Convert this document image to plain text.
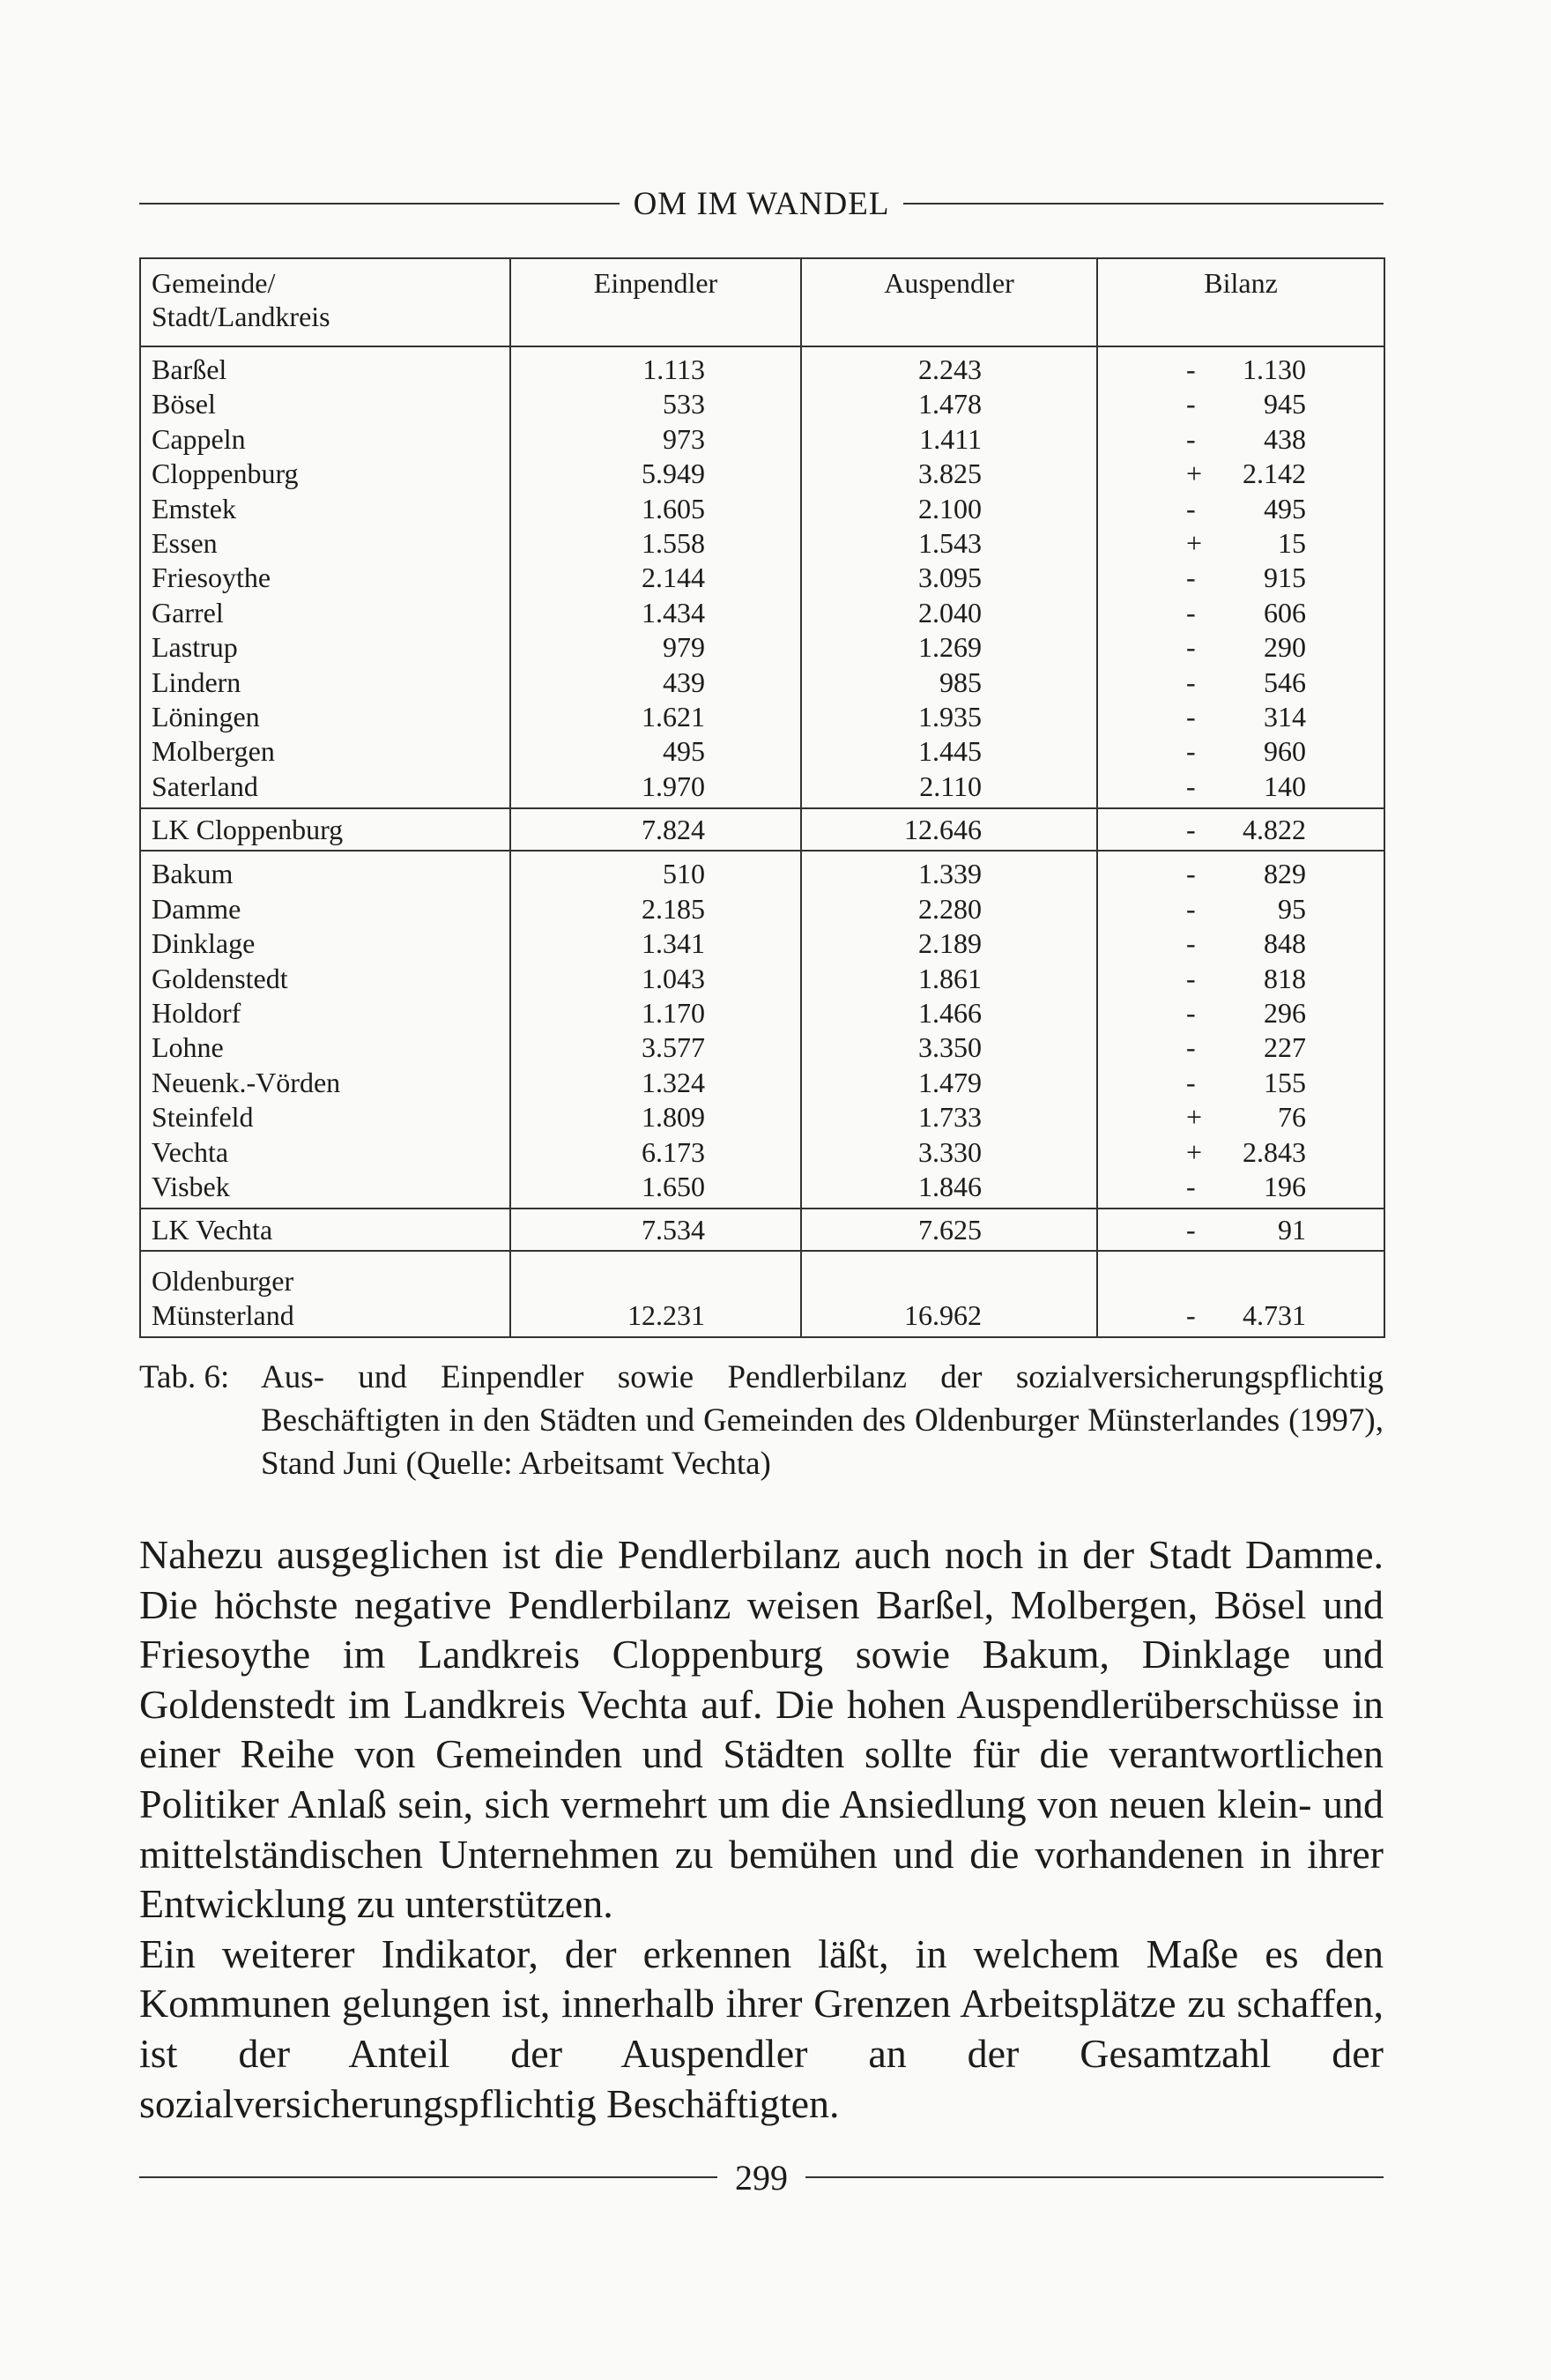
OM IM WANDEL
Gemeinde/
Stadt/Landkreis	Einpendler	Auspendler	Bilanz
Barßel	1.113	2.243	- 1.130
Bösel	533	1.478	- 945
Cappeln	973	1.411	- 438
Cloppenburg	5.949	3.825	+ 2.142
Emstek	1.605	2.100	- 495
Essen	1.558	1.543	+ 15
Friesoythe	2.144	3.095	- 915
Garrel	1.434	2.040	- 606
Lastrup	979	1.269	- 290
Lindern	439	985	- 546
Löningen	1.621	1.935	- 314
Molbergen	495	1.445	- 960
Saterland	1.970	2.110	- 140
LK Cloppenburg	7.824	12.646	- 4.822
Bakum	510	1.339	- 829
Damme	2.185	2.280	- 95
Dinklage	1.341	2.189	- 848
Goldenstedt	1.043	1.861	- 818
Holdorf	1.170	1.466	- 296
Lohne	3.577	3.350	- 227
Neuenk.-Vörden	1.324	1.479	- 155
Steinfeld	1.809	1.733	+ 76
Vechta	6.173	3.330	+ 2.843
Visbek	1.650	1.846	- 196
LK Vechta	7.534	7.625	- 91

Oldenburger
Münsterland	12.231	16.962	- 4.731
Tab. 6: Aus- und Einpendler sowie Pendlerbilanz der sozialversicherungspflichtig Beschäftigten in den Städten und Gemeinden des Oldenburger Münsterlandes (1997), Stand Juni (Quelle: Arbeitsamt Vechta)

Nahezu ausgeglichen ist die Pendlerbilanz auch noch in der Stadt Damme. Die höchste negative Pendlerbilanz weisen Barßel, Molbergen, Bösel und Friesoythe im Landkreis Cloppenburg sowie Bakum, Dinklage und Goldenstedt im Landkreis Vechta auf. Die hohen Auspendlerüberschüsse in einer Reihe von Gemeinden und Städten sollte für die verantwortlichen Politiker Anlaß sein, sich vermehrt um die Ansiedlung von neuen klein- und mittelständischen Unternehmen zu bemühen und die vorhandenen in ihrer Entwicklung zu unterstützen.

Ein weiterer Indikator, der erkennen läßt, in welchem Maße es den Kommunen gelungen ist, innerhalb ihrer Grenzen Arbeitsplätze zu schaffen, ist der Anteil der Auspendler an der Gesamtzahl der sozialversicherungspflichtig Beschäftigten.

299
